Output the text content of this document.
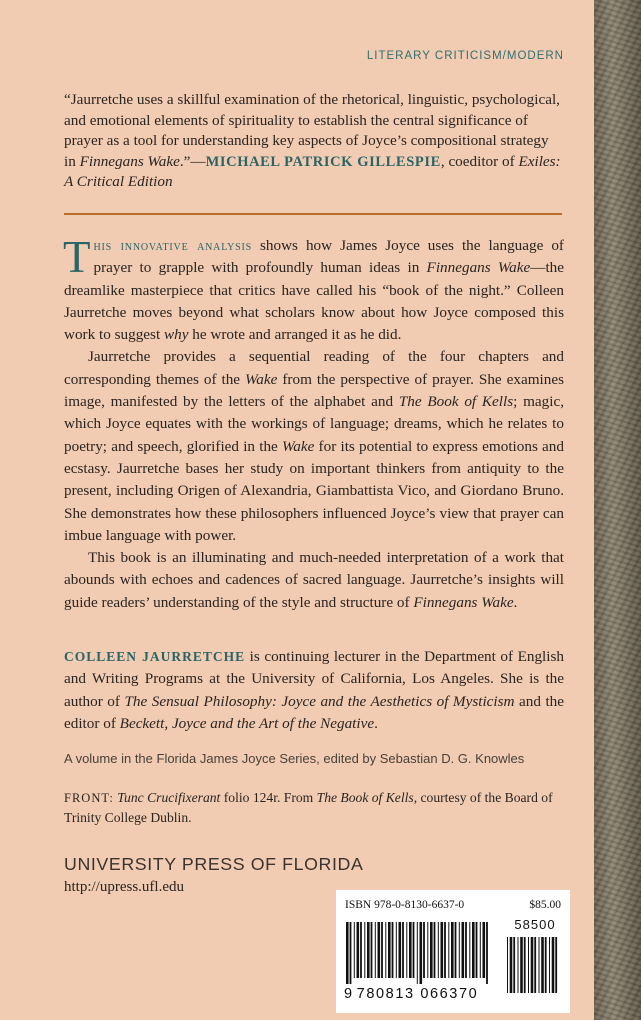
LITERARY CRITICISM/MODERN

“Jaurretche uses a skillful examination of the rhetorical, linguistic, psychological, and emotional elements of spirituality to establish the central significance of prayer as a tool for understanding key aspects of Joyce’s compositional strategy in Finnegans Wake.”—MICHAEL PATRICK GILLESPIE, coeditor of Exiles: A Critical Edition

This innovative analysis shows how James Joyce uses the language of prayer to grapple with profoundly human ideas in Finnegans Wake—the dreamlike masterpiece that critics have called his “book of the night.” Colleen Jaurretche moves beyond what scholars know about how Joyce composed this work to suggest why he wrote and arranged it as he did.

Jaurretche provides a sequential reading of the four chapters and corresponding themes of the Wake from the perspective of prayer. She examines image, manifested by the letters of the alphabet and The Book of Kells; magic, which Joyce equates with the workings of language; dreams, which he relates to poetry; and speech, glorified in the Wake for its potential to express emotions and ecstasy. Jaurretche bases her study on important thinkers from antiquity to the present, including Origen of Alexandria, Giambattista Vico, and Giordano Bruno. She demonstrates how these philosophers influenced Joyce’s view that prayer can imbue language with power.

This book is an illuminating and much-needed interpretation of a work that abounds with echoes and cadences of sacred language. Jaurretche’s insights will guide readers’ understanding of the style and structure of Finnegans Wake.

COLLEEN JAURRETCHE is continuing lecturer in the Department of English and Writing Programs at the University of California, Los Angeles. She is the author of The Sensual Philosophy: Joyce and the Aesthetics of Mysticism and the editor of Beckett, Joyce and the Art of the Negative.

A volume in the Florida James Joyce Series, edited by Sebastian D. G. Knowles

FRONT: Tunc Crucifixerant folio 124r. From The Book of Kells, courtesy of the Board of Trinity College Dublin.

UNIVERSITY PRESS OF FLORIDA
http://upress.ufl.edu
ISBN 978-0-8130-6637-0	$85.00
58500
9 780813 066370
